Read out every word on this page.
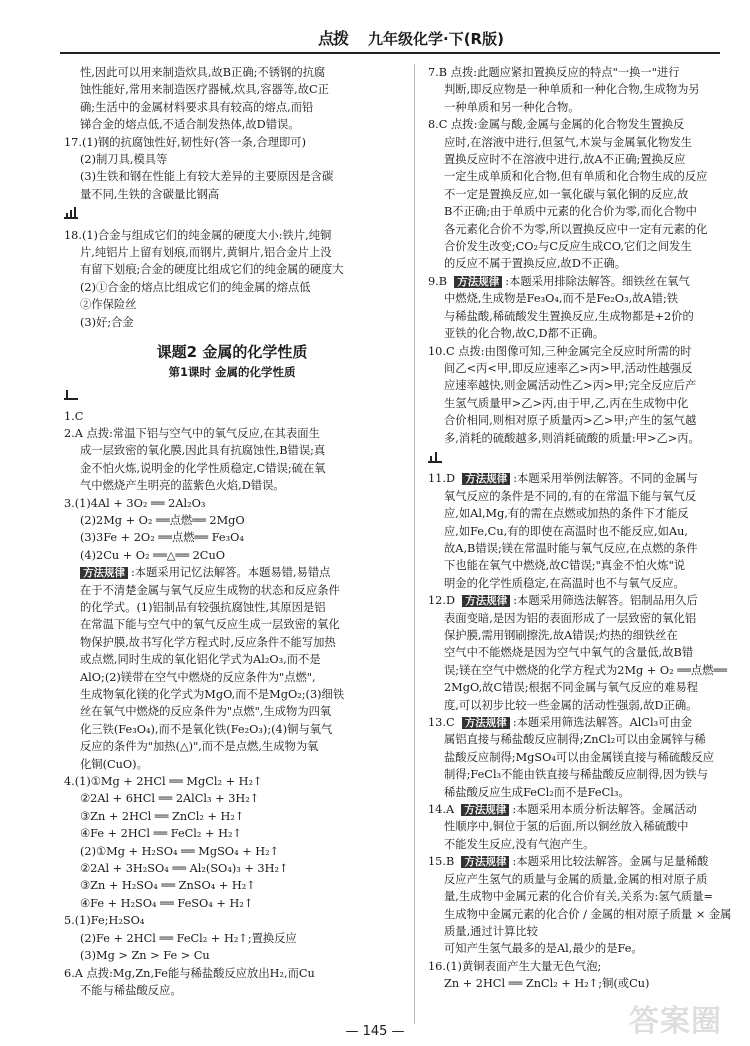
点拨 九年级化学·下(R版)

性,因此可以用来制造炊具,故B正确;不锈钢的抗腐

蚀性能好,常用来制造医疗器械,炊具,容器等,故C正

确;生活中的金属材料要求具有较高的熔点,而铅

锑合金的熔点低,不适合制发热体,故D错误。

17.(1)钢的抗腐蚀性好,韧性好(答一条,合理即可)

(2)制刀具,模具等

(3)生铁和钢在性能上有较大差异的主要原因是含碳

量不同,生铁的含碳量比钢高

18.(1)合金与组成它们的纯金属的硬度大小:铁片,纯铜

片,纯铝片上留有划痕,而钢片,黄铜片,铝合金片上没

有留下划痕;合金的硬度比组成它们的纯金属的硬度大

(2)①合金的熔点比组成它们的纯金属的熔点低

②作保险丝

(3)好;合金

课题2 金属的化学性质
第1课时 金属的化学性质

1.C

2.A 点拨:常温下铝与空气中的氧气反应,在其表面生

成一层致密的氧化膜,因此具有抗腐蚀性,B错误;真

金不怕火炼,说明金的化学性质稳定,C错误;硫在氧

气中燃烧产生明亮的蓝紫色火焰,D错误。

3.(1)4Al + 3O₂ ══ 2Al₂O₃

(2)2Mg + O₂ ══点燃══ 2MgO

(3)3Fe + 2O₂ ══点燃══ Fe₃O₄

(4)2Cu + O₂ ══△══ 2CuO

方法规律 :本题采用记忆法解答。本题易错,易错点

在于不清楚金属与氧气反应生成物的状态和反应条件

的化学式。(1)铝制品有较强抗腐蚀性,其原因是铝

在常温下能与空气中的氧气反应生成一层致密的氧化

物保护膜,故书写化学方程式时,反应条件不能写加热

或点燃,同时生成的氧化铝化学式为Al₂O₃,而不是

AlO;(2)镁带在空气中燃烧的反应条件为"点燃",

生成物氧化镁的化学式为MgO,而不是MgO₂;(3)细铁

丝在氧气中燃烧的反应条件为"点燃",生成物为四氧

化三铁(Fe₃O₄),而不是氧化铁(Fe₂O₃);(4)铜与氧气

反应的条件为"加热(△)",而不是点燃,生成物为氧

化铜(CuO)。

4.(1)①Mg + 2HCl ══ MgCl₂ + H₂↑

②2Al + 6HCl ══ 2AlCl₃ + 3H₂↑

③Zn + 2HCl ══ ZnCl₂ + H₂↑

④Fe + 2HCl ══ FeCl₂ + H₂↑

(2)①Mg + H₂SO₄ ══ MgSO₄ + H₂↑

②2Al + 3H₂SO₄ ══ Al₂(SO₄)₃ + 3H₂↑

③Zn + H₂SO₄ ══ ZnSO₄ + H₂↑

④Fe + H₂SO₄ ══ FeSO₄ + H₂↑

5.(1)Fe;H₂SO₄

(2)Fe + 2HCl ══ FeCl₂ + H₂↑;置换反应

(3)Mg > Zn > Fe > Cu

6.A 点拨:Mg,Zn,Fe能与稀盐酸反应放出H₂,而Cu

不能与稀盐酸反应。

7.B 点拨:此题应紧扣置换反应的特点"一换一"进行

判断,即反应物是一种单质和一种化合物,生成物为另

一种单质和另一种化合物。

8.C 点拨:金属与酸,金属与金属的化合物发生置换反

应时,在溶液中进行,但氢气,木炭与金属氧化物发生

置换反应时不在溶液中进行,故A不正确;置换反应

一定生成单质和化合物,但有单质和化合物生成的反应

不一定是置换反应,如一氧化碳与氧化铜的反应,故

B不正确;由于单质中元素的化合价为零,而化合物中

各元素化合价不为零,所以置换反应中一定有元素的化

合价发生改变;CO₂与C反应生成CO,它们之间发生

的反应不属于置换反应,故D不正确。

9.B 方法规律 :本题采用排除法解答。细铁丝在氧气

中燃烧,生成物是Fe₃O₄,而不是Fe₂O₃,故A错;铁

与稀盐酸,稀硫酸发生置换反应,生成物都是+2价的

亚铁的化合物,故C,D都不正确。

10.C 点拨:由图像可知,三种金属完全反应时所需的时

间乙<丙<甲,即反应速率乙>丙>甲,活动性越强反

应速率越快,则金属活动性乙>丙>甲;完全反应后产

生氢气质量甲>乙>丙,由于甲,乙,丙在生成物中化

合价相同,则相对原子质量丙>乙>甲;产生的氢气越

多,消耗的硫酸越多,则消耗硫酸的质量:甲>乙>丙。

11.D 方法规律 :本题采用举例法解答。不同的金属与

氧气反应的条件是不同的,有的在常温下能与氧气反

应,如Al,Mg,有的需在点燃或加热的条件下才能反

应,如Fe,Cu,有的即使在高温时也不能反应,如Au,

故A,B错误;镁在常温时能与氧气反应,在点燃的条件

下也能在氧气中燃烧,故C错误;"真金不怕火炼"说

明金的化学性质稳定,在高温时也不与氧气反应。

12.D 方法规律 :本题采用筛选法解答。铝制品用久后

表面变暗,是因为铝的表面形成了一层致密的氧化铝

保护膜,需用钢刷擦洗,故A错误;灼热的细铁丝在

空气中不能燃烧是因为空气中氧气的含量低,故B错

误;镁在空气中燃烧的化学方程式为2Mg + O₂ ══点燃══

2MgO,故C错误;根据不同金属与氧气反应的难易程

度,可以初步比较一些金属的活动性强弱,故D正确。

13.C 方法规律 :本题采用筛选法解答。AlCl₃可由金

属铝直接与稀盐酸反应制得;ZnCl₂可以由金属锌与稀

盐酸反应制得;MgSO₄可以由金属镁直接与稀硫酸反应

制得;FeCl₃不能由铁直接与稀盐酸反应制得,因为铁与

稀盐酸反应生成FeCl₂而不是FeCl₃。

14.A 方法规律 :本题采用本质分析法解答。金属活动

性顺序中,铜位于氢的后面,所以铜丝放入稀硫酸中

不能发生反应,没有气泡产生。

15.B 方法规律 :本题采用比较法解答。金属与足量稀酸

反应产生氢气的质量与金属的质量,金属的相对原子质

量,生成物中金属元素的化合价有关,关系为:氢气质量=

生成物中金属元素的化合价 / 金属的相对原子质量 × 金属质量,通过计算比较

可知产生氢气最多的是Al,最少的是Fe。

16.(1)黄铜表面产生大量无色气泡;

Zn + 2HCl ══ ZnCl₂ + H₂↑;铜(或Cu)

— 145 —	答案圈
